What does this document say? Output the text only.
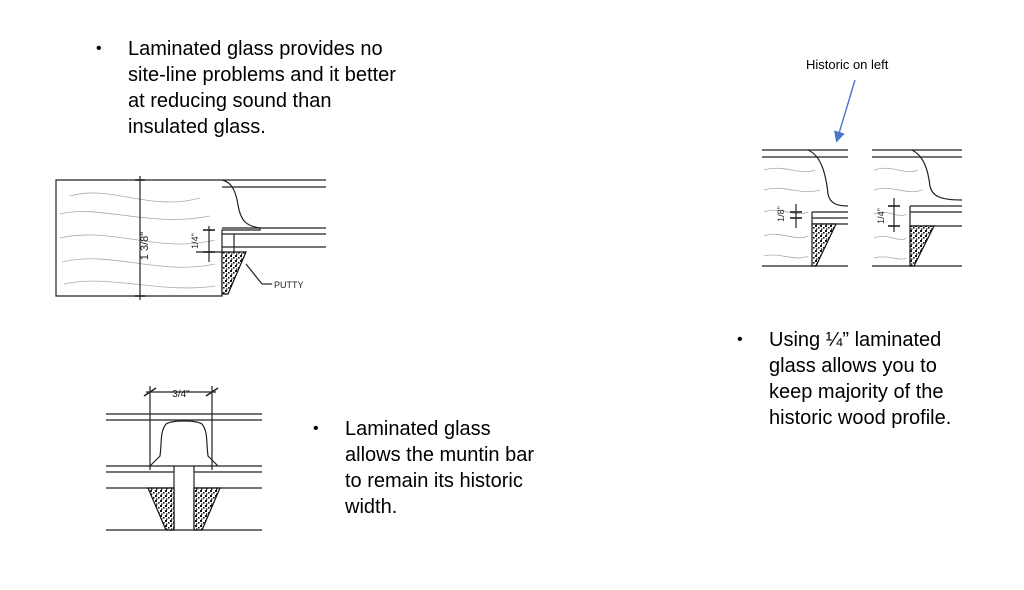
• Laminated glass provides no
site-line problems and it better
at reducing sound than
insulated glass.
• Laminated glass
allows the muntin bar
to remain its historic
width.
• Using ¼” laminated
glass allows you to
keep majority of the
historic wood profile.
Historic on left
1 3/8"	1/4"
PUTTY
3/4"
1/8"	1/4"
